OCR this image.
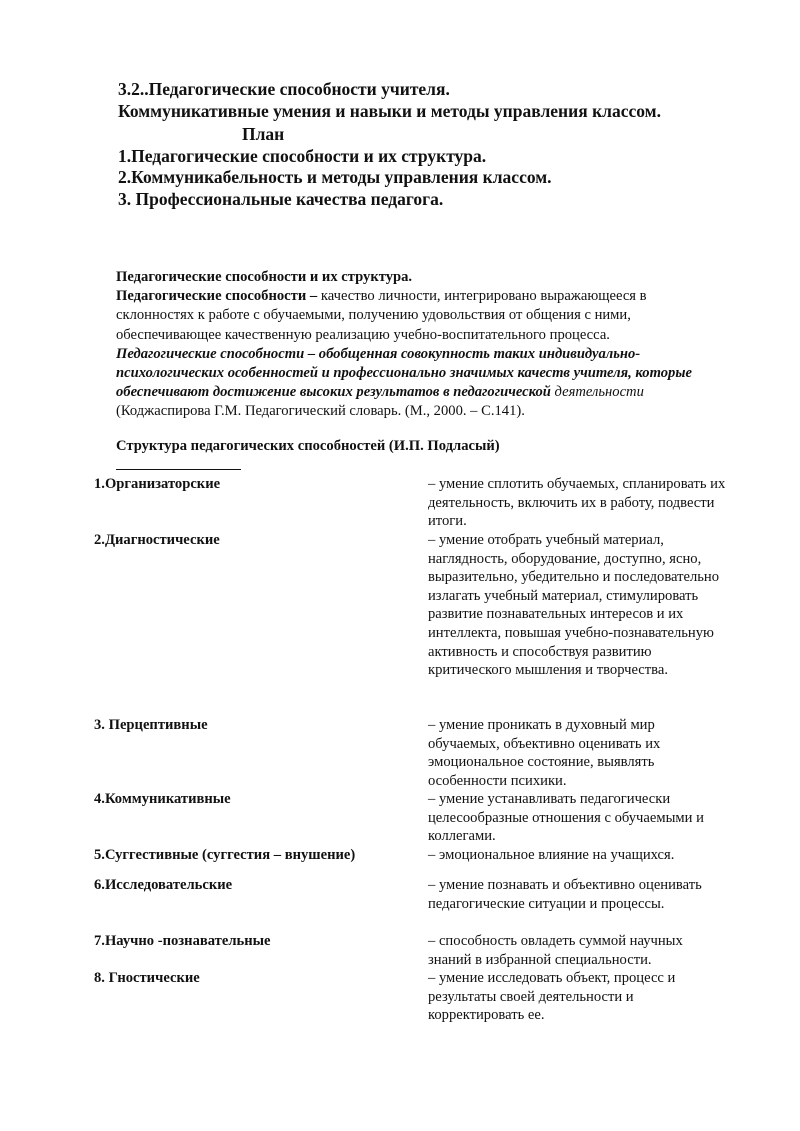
3.2..Педагогические способности учителя.
Коммуникативные умения и навыки и методы управления классом.
План
1.Педагогические способности и их структура.
2.Коммуникабельность и методы управления классом.
3. Профессиональные качества педагога.

Педагогические способности и их структура.

Педагогические способности – качество личности, интегрировано выражающееся в склонностях к работе с обучаемыми, получению удовольствия от общения с ними, обеспечивающее качественную реализацию учебно-воспитательного процесса.

Педагогические способности – обобщенная совокупность таких индивидуально-психологических особенностей и профессионально значимых качеств учителя, которые обеспечивают достижение высоких результатов в педагогической деятельности (Коджаспирова Г.М. Педагогический словарь. (М., 2000. – С.141).

Структура педагогических способностей (И.П. Подласый)
1.Организаторские	– умение сплотить обучаемых, спланировать их деятельность, включить их в работу, подвести итоги.
2.Диагностические	– умение отобрать учебный материал, наглядность, оборудование, доступно, ясно, выразительно, убедительно и последовательно излагать учебный материал, стимулировать развитие познавательных интересов и их интеллекта, повышая учебно-познавательную активность и способствуя развитию критического мышления и творчества.
3. Перцептивные	– умение проникать в духовный мир обучаемых, объективно оценивать их эмоциональное состояние, выявлять особенности психики.
4.Коммуникативные	– умение устанавливать педагогически целесообразные отношения с обучаемыми и коллегами.
5.Суггестивные (суггестия – внушение)	– эмоциональное влияние на учащихся.
6.Исследовательские	– умение познавать и объективно оценивать педагогические ситуации и процессы.
7.Научно -познавательные	– способность овладеть суммой научных знаний в избранной специальности.
8. Гностические	– умение исследовать объект, процесс и результаты своей деятельности и корректировать ее.
